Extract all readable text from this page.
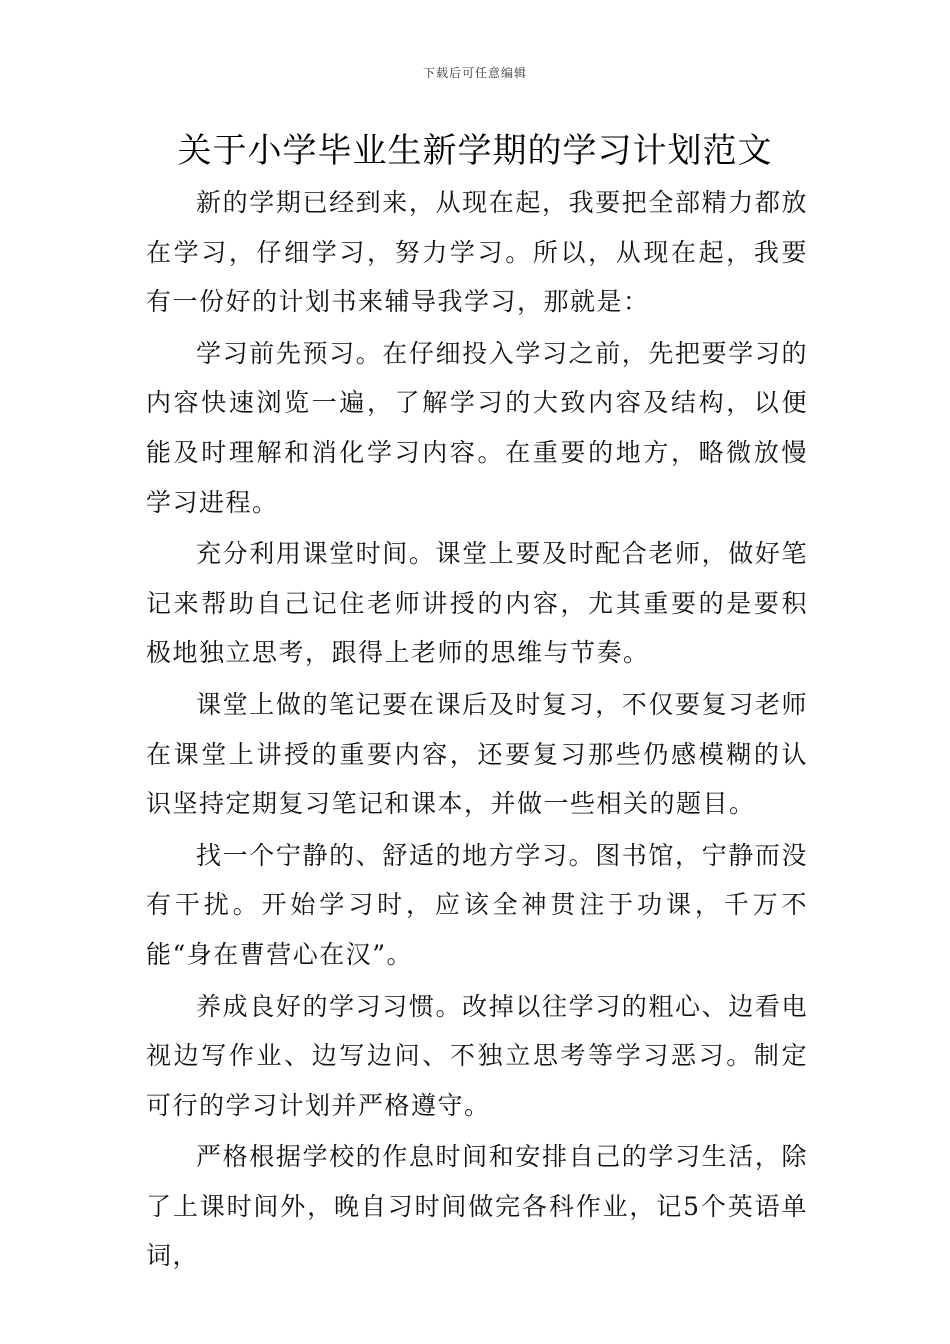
下载后可任意编辑
关于小学毕业生新学期的学习计划范文

新的学期已经到来，从现在起，我要把全部精力都放在学习，仔细学习，努力学习。所以，从现在起，我要有一份好的计划书来辅导我学习，那就是：

学习前先预习。在仔细投入学习之前，先把要学习的内容快速浏览一遍，了解学习的大致内容及结构，以便能及时理解和消化学习内容。在重要的地方，略微放慢学习进程。

充分利用课堂时间。课堂上要及时配合老师，做好笔记来帮助自己记住老师讲授的内容，尤其重要的是要积极地独立思考，跟得上老师的思维与节奏。

课堂上做的笔记要在课后及时复习，不仅要复习老师在课堂上讲授的重要内容，还要复习那些仍感模糊的认识坚持定期复习笔记和课本，并做一些相关的题目。

找一个宁静的、舒适的地方学习。图书馆，宁静而没有干扰。开始学习时，应该全神贯注于功课，千万不能“身在曹营心在汉”。

养成良好的学习习惯。改掉以往学习的粗心、边看电视边写作业、边写边问、不独立思考等学习恶习。制定可行的学习计划并严格遵守。

严格根据学校的作息时间和安排自己的学习生活，除了上课时间外，晚自习时间做完各科作业，记5个英语单词，
